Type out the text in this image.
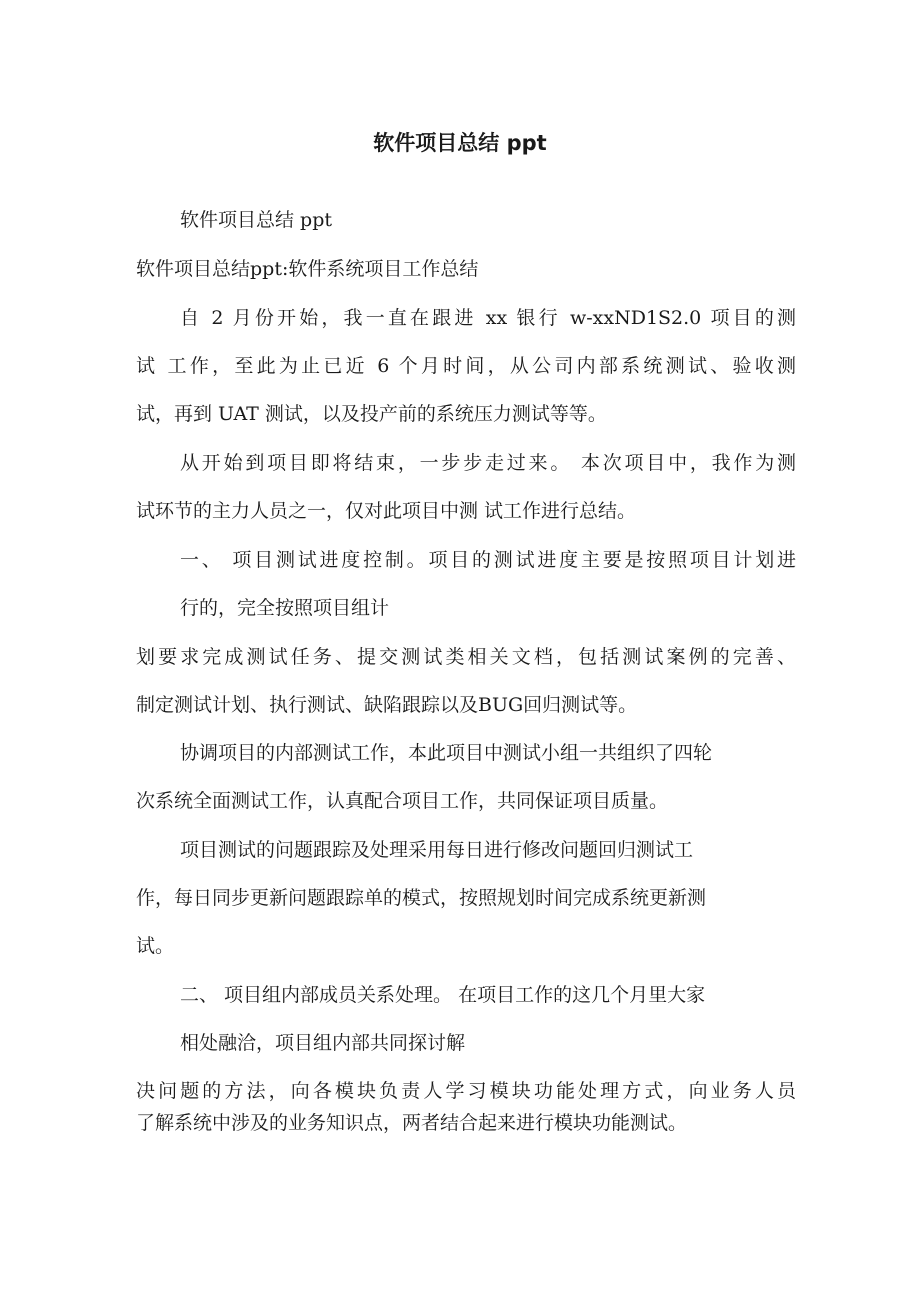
软件项目总结 ppt

软件项目总结 ppt

软件项目总结ppt:软件系统项目工作总结

自 2 月份开始，我一直在跟进 xx 银行 w-xxND1S2.0 项目的测

试 工作，至此为止已近 6 个月时间，从公司内部系统测试、验收测

试，再到 UAT 测试，以及投产前的系统压力测试等等。

从开始到项目即将结束，一步步走过来。 本次项目中，我作为测

试环节的主力人员之一，仅对此项目中测 试工作进行总结。

一、 项目测试进度控制。项目的测试进度主要是按照项目计划进

行的，完全按照项目组计

划要求完成测试任务、提交测试类相关文档，包括测试案例的完善、

制定测试计划、执行测试、缺陷跟踪以及BUG回归测试等。

协调项目的内部测试工作，本此项目中测试小组一共组织了四轮

次系统全面测试工作，认真配合项目工作，共同保证项目质量。

项目测试的问题跟踪及处理采用每日进行修改问题回归测试工

作，每日同步更新问题跟踪单的模式，按照规划时间完成系统更新测

试。

二、 项目组内部成员关系处理。 在项目工作的这几个月里大家

相处融洽，项目组内部共同探讨解

决问题的方法，向各模块负责人学习模块功能处理方式，向业务人员

了解系统中涉及的业务知识点，两者结合起来进行模块功能测试。
